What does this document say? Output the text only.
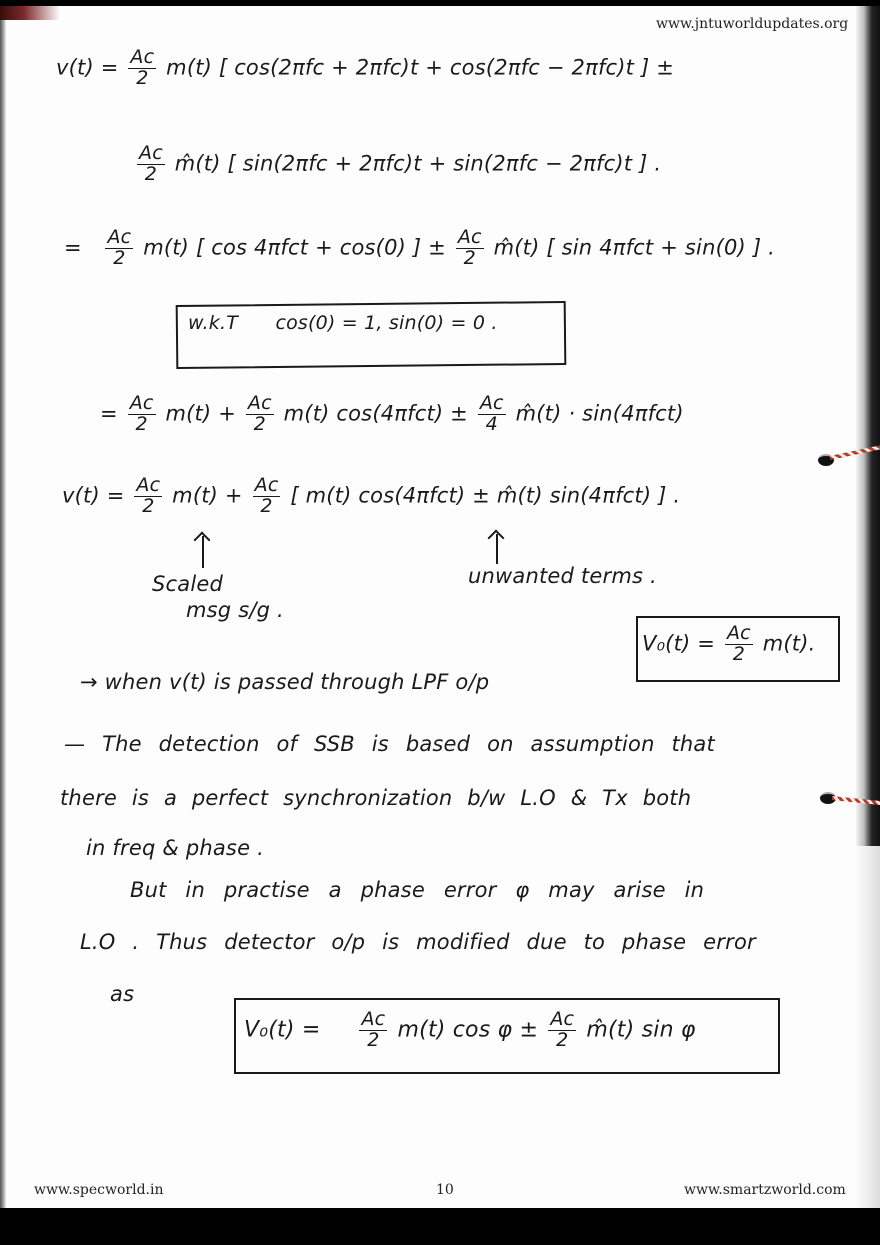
www.jntuworldupdates.org
$v(t) = \frac{Ac}{2} m(t)$ [ cos(2πfc + 2πfc)t + cos(2πfc − 2πfc)t ] ±
$\frac{Ac}{2}$ m̂(t) [ sin(2πfc + 2πfc)t + sin(2πfc − 2πfc)t ] .
= $\frac{Ac}{2} m(t)$ [ cos 4πfct + cos(0) ] ± $\frac{Ac}{2}$ m̂(t) [ sin 4πfct + sin(0) ] .
w.k.T cos(0) = 1, sin(0) = 0 .
= $\frac{Ac}{2} m(t) + \frac{Ac}{2} m(t) \cos(4\pi fct) \pm \frac{Ac}{4}$ m̂(t) · sin(4πfct)
$v(t) = \frac{Ac}{2} m(t) + \frac{Ac}{2}$ [ m(t) cos(4πfct) ± m̂(t) sin(4πfct) ] .
Scaled
msg s/g .
unwanted terms .
→ when v(t) is passed through LPF o/p
$V_0(t) = \frac{Ac}{2} m(t)$.
— The detection of SSB is based on assumption that
there is a perfect synchronization b/w L.O & Tx both
in freq & phase .
But in practise a phase error φ may arise in
L.O . Thus detector o/p is modified due to phase error
as
$V_0(t) = \frac{Ac}{2} m(t)$ $\cos \varphi \pm \frac{Ac}{2}$ m̂(t) sin φ
www.specworld.in	10	www.smartzworld.com
